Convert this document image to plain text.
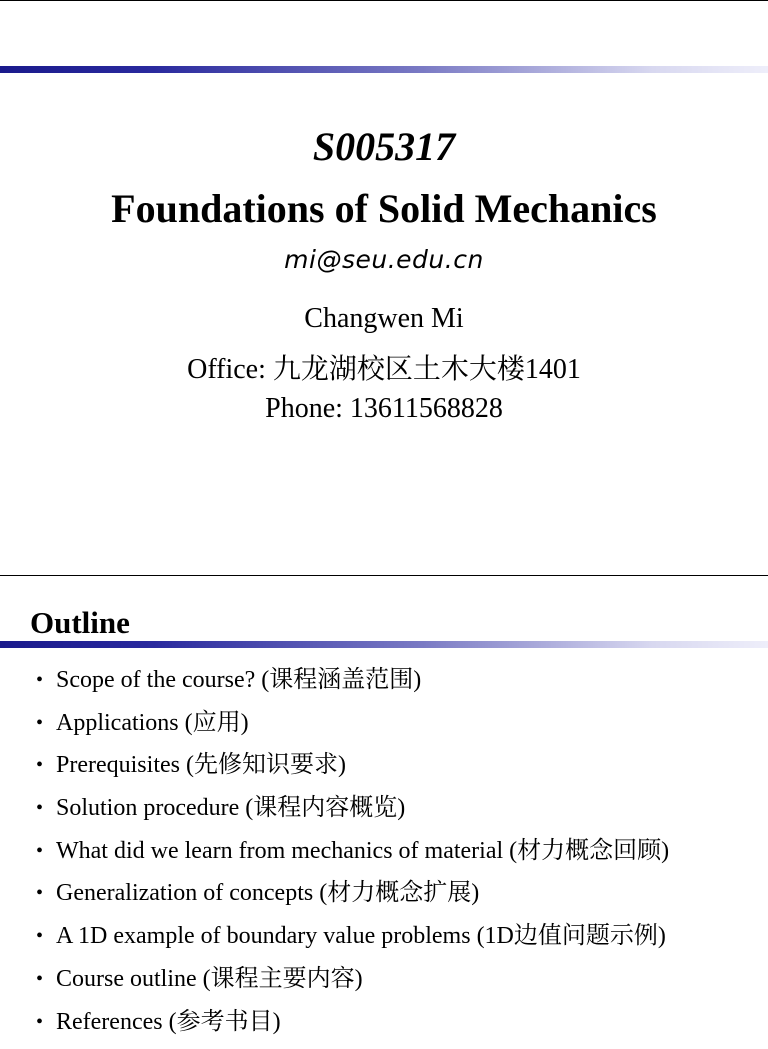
S005317
Foundations of Solid Mechanics
mi@seu.edu.cn
Changwen Mi
Office: 九龙湖校区土木大楼1401
Phone: 13611568828
Outline
• Scope of the course? (课程涵盖范围)
• Applications (应用)
• Prerequisites (先修知识要求)
• Solution procedure (课程内容概览)
• What did we learn from mechanics of material (材力概念回顾)
• Generalization of concepts (材力概念扩展)
• A 1D example of boundary value problems (1D边值问题示例)
• Course outline (课程主要内容)
• References (参考书目)
